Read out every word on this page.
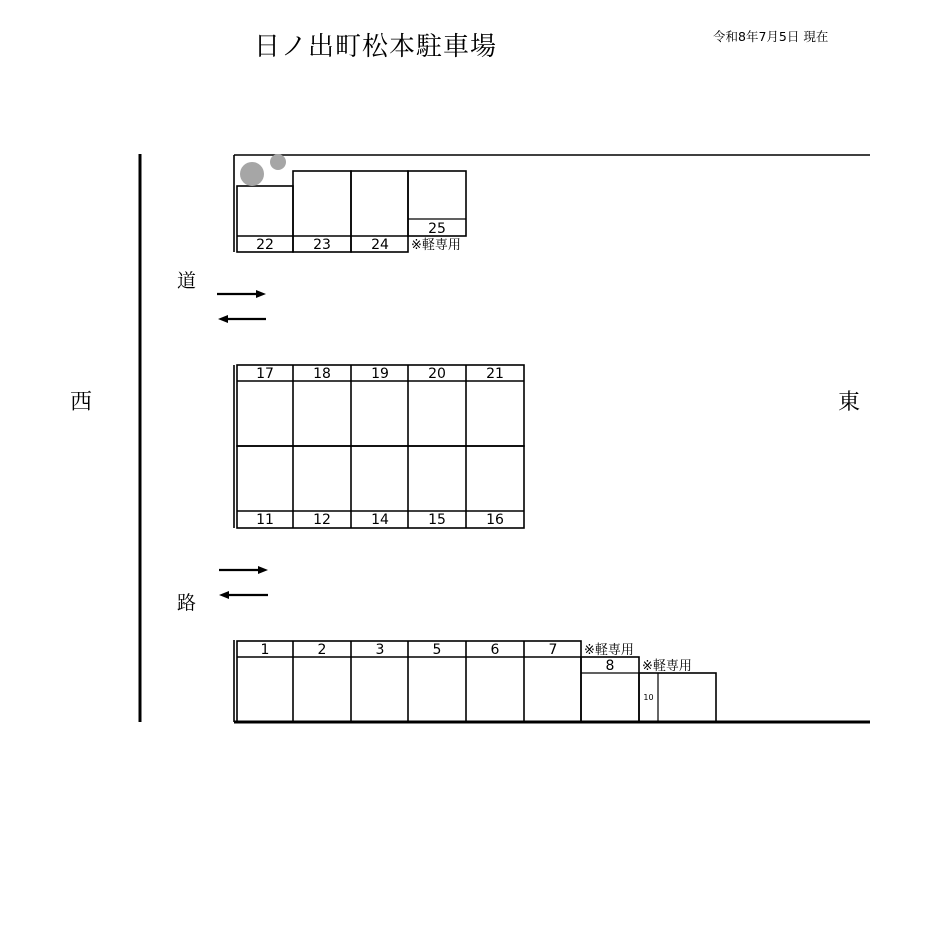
日ノ出町松本駐車場	令和8年7月5日 現在
西	東
道
路
22	23	24
25
※軽専用
17	18	19	20	21
11	12	14	15	16
1	2	3	5	6	7 ※軽専用
8 ※軽専用
10
